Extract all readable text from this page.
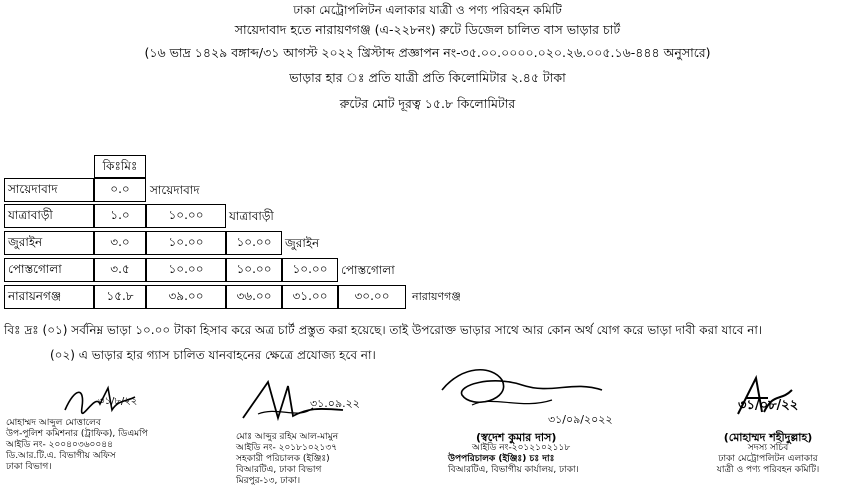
ঢাকা মেট্রোপলিটন এলাকার যাত্রী ও পণ্য পরিবহন কমিটি
সায়েদাবাদ হতে নারায়ণগঞ্জ (এ-২২৮নং) রুটে ডিজেল চালিত বাস ভাড়ার চার্ট
(১৬ ভাদ্র ১৪২৯ বঙ্গাব্দ/৩১ আগস্ট ২০২২ খ্রিস্টাব্দ প্রজ্ঞাপন নং-৩৫.০০.০০০০.০২০.২৬.০০৫.১৬-৪৪৪ অনুসারে)
ভাড়ার হার ঃ প্রতি যাত্রী প্রতি কিলোমিটার ২.৪৫ টাকা
রুটের মোট দূরত্ব ১৫.৮ কিলোমিটার
কিঃমিঃ
সায়েদাবাদ	০.০	সায়েদাবাদ
যাত্রাবাড়ী	১.০	১০.০০	যাত্রাবাড়ী
জুরাইন	৩.০	১০.০০	১০.০০	জুরাইন
পোস্তগোলা	৩.৫	১০.০০	১০.০০	১০.০০	পোস্তগোলা
নারায়নগঞ্জ	১৫.৮	৩৯.০০	৩৬.০০	৩১.০০	৩০.০০	নারায়ণগঞ্জ
বিঃ দ্রঃ (০১) সর্বনিম্ন ভাড়া ১০.০০ টাকা হিসাব করে অত্র চার্ট প্রস্তুত করা হয়েছে। তাই উপরোক্ত ভাড়ার সাথে আর কোন অর্থ যোগ করে ভাড়া দাবী করা যাবে না।
(০২) এ ভাড়ার হার গ্যাস চালিত যানবাহনের ক্ষেত্রে প্রযোজ্য হবে না।
৩১/৮/২২	৩১.০৯.২২
৩১/০৯/২০২২
৩১/০৮/২২
মোহাম্মদ আব্দুল মোত্তালেব
উপ-পুলিশ কমিশনার (ট্রাফিক), ডিএমপি
আইডি নং- ২০০৪০৩৬০০৪৪
ডি.আর.টি.এ. বিভাগীয় অফিস
ঢাকা বিভাগ।
মোঃ আব্দুর রহিম আল-মামুন
আইডি নং- ২০১৮১০২১৩৭
সহকারী পরিচালক (ইঞ্জিঃ)
বিআরটিএ, ঢাকা বিভাগ
মিরপুর-১৩, ঢাকা।
(স্বদেশ কুমার দাস)
আইডি নং-২০১২১০২১১৮
উপপরিচালক (ইঞ্জিঃ) চঃ দাঃ
বিআরটিএ, বিভাগীয় কার্যালয়, ঢাকা।
(মোহাম্মদ শহীদুল্লাহ)
সদস্য সচিব
ঢাকা মেট্রোপলিটন এলাকার
যাত্রী ও পণ্য পরিবহন কমিটি।
